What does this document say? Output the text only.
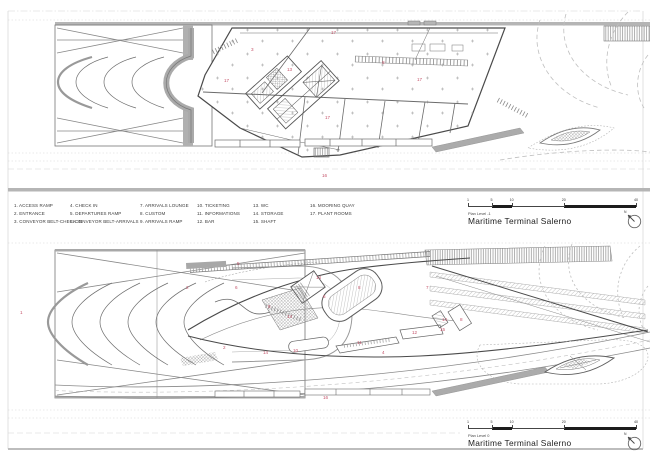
17
3
13
8
17	17
17
16
1
2	6
5
5
14
6
8
14
2
14	10
11
12
4
16
7
14
15
8
1. ACCESS RAMP
2. ENTRANCE
3. CONVEYOR BELT-CHECK IN
4. CHECK IN
5. DEPARTURES RAMP
6. CONVEYOR BELT-ARRIVALS
7. ARRIVALS LOUNGE
8. CUSTOM
9. ARRIVALS RAMP
10. TICKETING
11. INFORMATIONS
12. BAR
13. WC
14. STORAGE
15. SHAFT
16. MOORING QUAY
17. PLANT ROOMS
1	5	10	20	40
Plan Level -1
Maritime Terminal Salerno
N
1	5	10	20	40
Plan Level 0
Maritime Terminal Salerno
N
